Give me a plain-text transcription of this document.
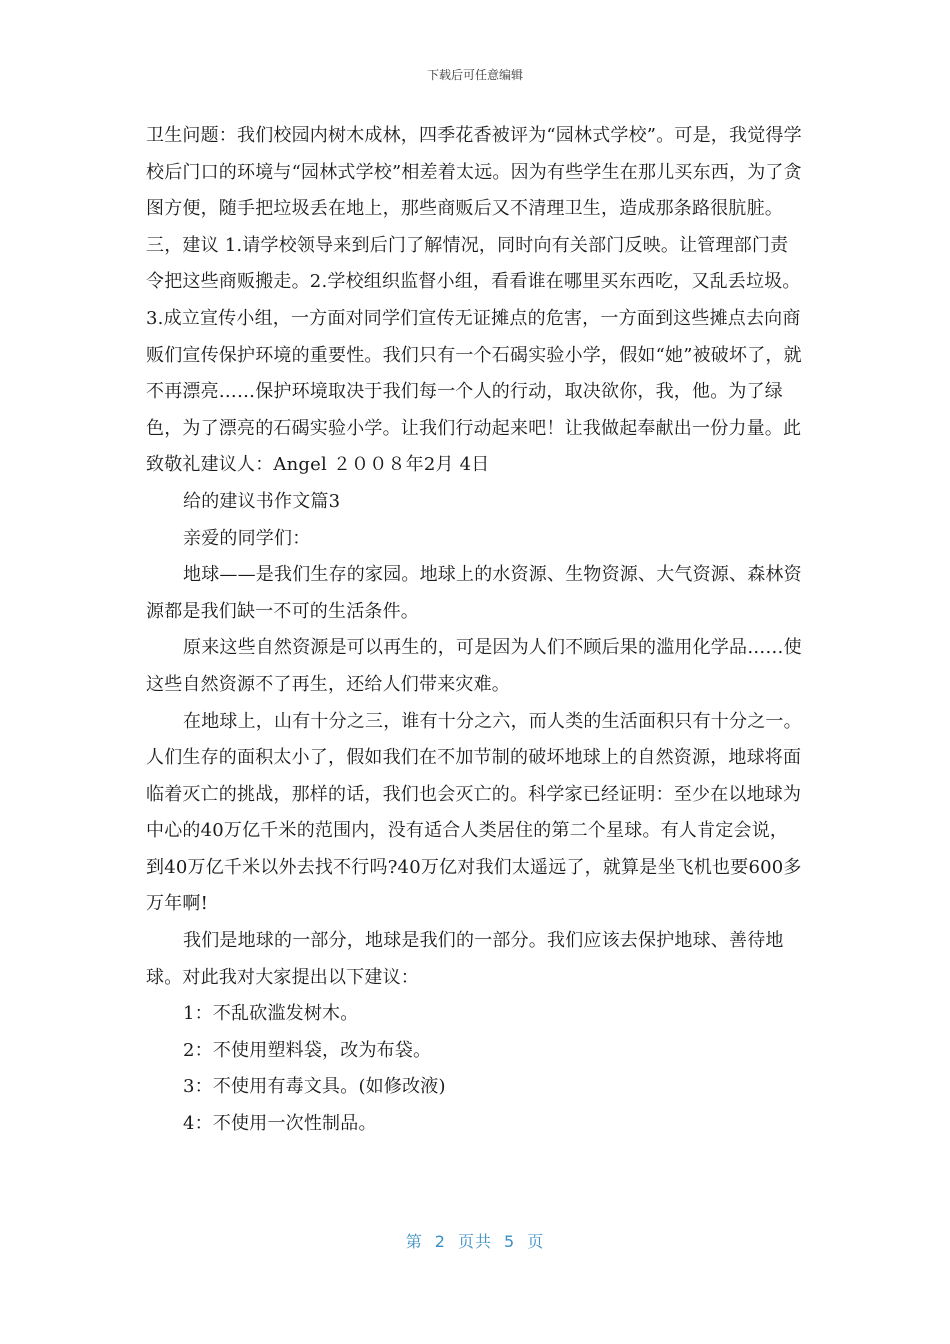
下载后可任意编辑

卫生问题：我们校园内树木成林，四季花香被评为“园林式学校”。可是，我觉得学校后门口的环境与“园林式学校”相差着太远。因为有些学生在那儿买东西，为了贪图方便，随手把垃圾丢在地上，那些商贩后又不清理卫生，造成那条路很肮脏。三，建议 1.请学校领导来到后门了解情况，同时向有关部门反映。让管理部门责令把这些商贩搬走。2.学校组织监督小组，看看谁在哪里买东西吃，又乱丢垃圾。3.成立宣传小组，一方面对同学们宣传无证摊点的危害，一方面到这些摊点去向商贩们宣传保护环境的重要性。我们只有一个石碣实验小学，假如“她”被破坏了，就不再漂亮……保护环境取决于我们每一个人的行动，取决欲你，我，他。为了绿色，为了漂亮的石碣实验小学。让我们行动起来吧！让我做起奉献出一份力量。此致敬礼建议人：Angel ２００８年2月 4日

给的建议书作文篇3

亲爱的同学们：

地球——是我们生存的家园。地球上的水资源、生物资源、大气资源、森林资源都是我们缺一不可的生活条件。

原来这些自然资源是可以再生的，可是因为人们不顾后果的滥用化学品……使这些自然资源不了再生，还给人们带来灾难。

在地球上，山有十分之三，谁有十分之六，而人类的生活面积只有十分之一。人们生存的面积太小了，假如我们在不加节制的破坏地球上的自然资源，地球将面临着灭亡的挑战，那样的话，我们也会灭亡的。科学家已经证明：至少在以地球为中心的40万亿千米的范围内，没有适合人类居住的第二个星球。有人肯定会说，到40万亿千米以外去找不行吗?40万亿对我们太遥远了，就算是坐飞机也要600多万年啊!

我们是地球的一部分，地球是我们的一部分。我们应该去保护地球、善待地球。对此我对大家提出以下建议：

1：不乱砍滥发树木。

2：不使用塑料袋，改为布袋。

3：不使用有毒文具。(如修改液)

4：不使用一次性制品。

第 2 页共 5 页
